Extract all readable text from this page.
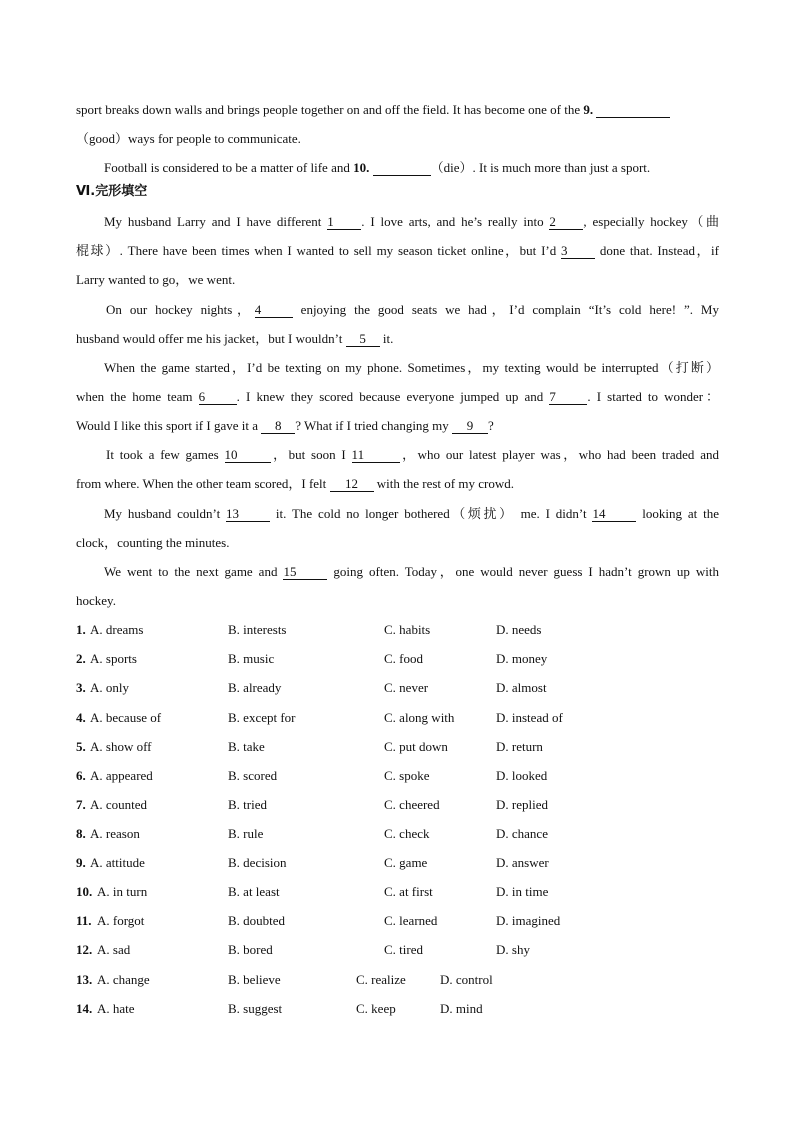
sport breaks down walls and brings people together on and off the field. It has become one of the 9.
（good）ways for people to communicate.
Football is considered to be a matter of life and 10.	（die）. It is much more than just a sport.
Ⅵ.完形填空
My husband Larry and I have different 1 . I love arts, and he’s really into 2 , especially hockey（曲
棍球）. There have been times when I wanted to sell my season ticket online，but I’d 3 done that. Instead，if
Larry wanted to go，we went.
On our hockey nights，4 enjoying the good seats we had，I’d complain “It’s cold here! ”. My
husband would offer me his jacket，but I wouldn’t 5 it.
When the game started，I’d be texting on my phone. Sometimes，my texting would be interrupted（打断）
when the home team 6 . I knew they scored because everyone jumped up and 7 . I started to wonder：
Would I like this sport if I gave it a 8 ? What if I tried changing my 9 ?
It took a few games 10	，but soon I 11	，who our latest player was，who had been traded and
from where. When the other team scored，I felt 12 with the rest of my crowd.
My husband couldn’t 13 it. The cold no longer bothered（烦扰） me. I didn’t 14 looking at the
clock，counting the minutes.
We went to the next game and 15 going often. Today，one would never guess I hadn’t grown up with
hockey.
1. A. dreams	B. interests	C. habits	D. needs
2. A. sports	B. music	C. food	D. money
3. A. only	B. already	C. never	D. almost
4. A. because of	B. except for	C. along with	D. instead of
5. A. show off	B. take	C. put down	D. return
6. A. appeared	B. scored	C. spoke	D. looked
7. A. counted	B. tried	C. cheered	D. replied
8. A. reason	B. rule	C. check	D. chance
9. A. attitude	B. decision	C. game	D. answer
10. A. in turn	B. at least	C. at first	D. in time
11. A. forgot	B. doubted	C. learned	D. imagined
12. A. sad	B. bored	C. tired	D. shy
13. A. change	B. believe	C. realize	D. control
14. A. hate	B. suggest	C. keep	D. mind
